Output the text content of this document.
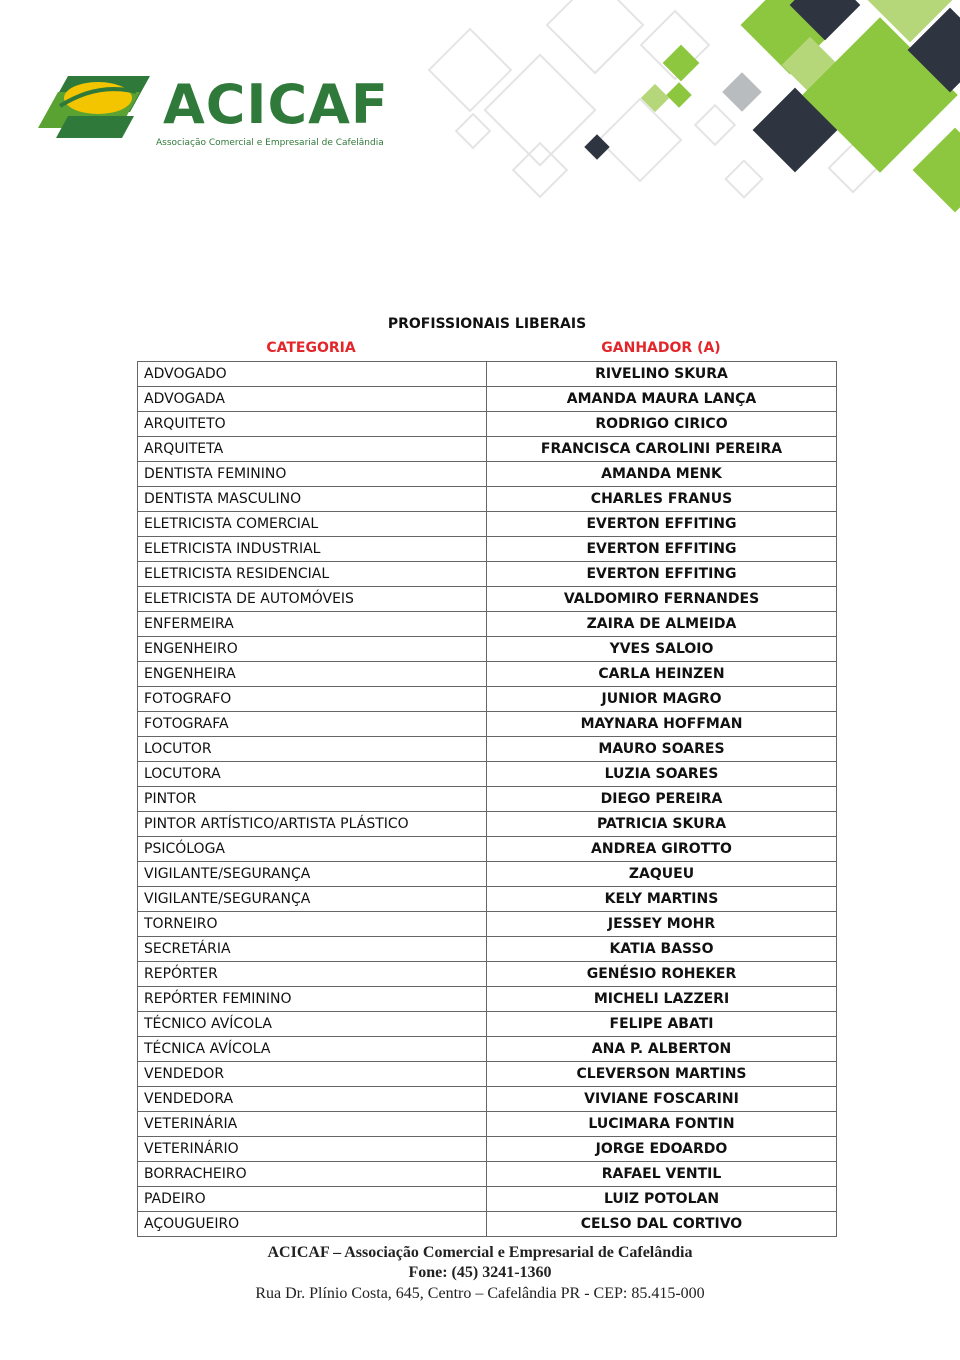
ACICAF
Associação Comercial e Empresarial de Cafelândia
PROFISSIONAIS LIBERAIS
CATEGORIA	GANHADOR (A)
ADVOGADO	RIVELINO SKURA
ADVOGADA	AMANDA MAURA LANÇA
ARQUITETO	RODRIGO CIRICO
ARQUITETA	FRANCISCA CAROLINI PEREIRA
DENTISTA FEMININO	AMANDA MENK
DENTISTA MASCULINO	CHARLES FRANUS
ELETRICISTA COMERCIAL	EVERTON EFFITING
ELETRICISTA INDUSTRIAL	EVERTON EFFITING
ELETRICISTA RESIDENCIAL	EVERTON EFFITING
ELETRICISTA DE AUTOMÓVEIS	VALDOMIRO FERNANDES
ENFERMEIRA	ZAIRA DE ALMEIDA
ENGENHEIRO	YVES SALOIO
ENGENHEIRA	CARLA HEINZEN
FOTOGRAFO	JUNIOR MAGRO
FOTOGRAFA	MAYNARA HOFFMAN
LOCUTOR	MAURO SOARES
LOCUTORA	LUZIA SOARES
PINTOR	DIEGO PEREIRA
PINTOR ARTÍSTICO/ARTISTA PLÁSTICO	PATRICIA SKURA
PSICÓLOGA	ANDREA GIROTTO
VIGILANTE/SEGURANÇA	ZAQUEU
VIGILANTE/SEGURANÇA	KELY MARTINS
TORNEIRO	JESSEY MOHR
SECRETÁRIA	KATIA BASSO
REPÓRTER	GENÉSIO ROHEKER
REPÓRTER FEMININO	MICHELI LAZZERI
TÉCNICO AVÍCOLA	FELIPE ABATI
TÉCNICA AVÍCOLA	ANA P. ALBERTON
VENDEDOR	CLEVERSON MARTINS
VENDEDORA	VIVIANE FOSCARINI
VETERINÁRIA	LUCIMARA FONTIN
VETERINÁRIO	JORGE EDOARDO
BORRACHEIRO	RAFAEL VENTIL
PADEIRO	LUIZ POTOLAN
AÇOUGUEIRO	CELSO DAL CORTIVO
ACICAF – Associação Comercial e Empresarial de Cafelândia
Fone: (45) 3241-1360
Rua Dr. Plínio Costa, 645, Centro – Cafelândia PR - CEP: 85.415-000
